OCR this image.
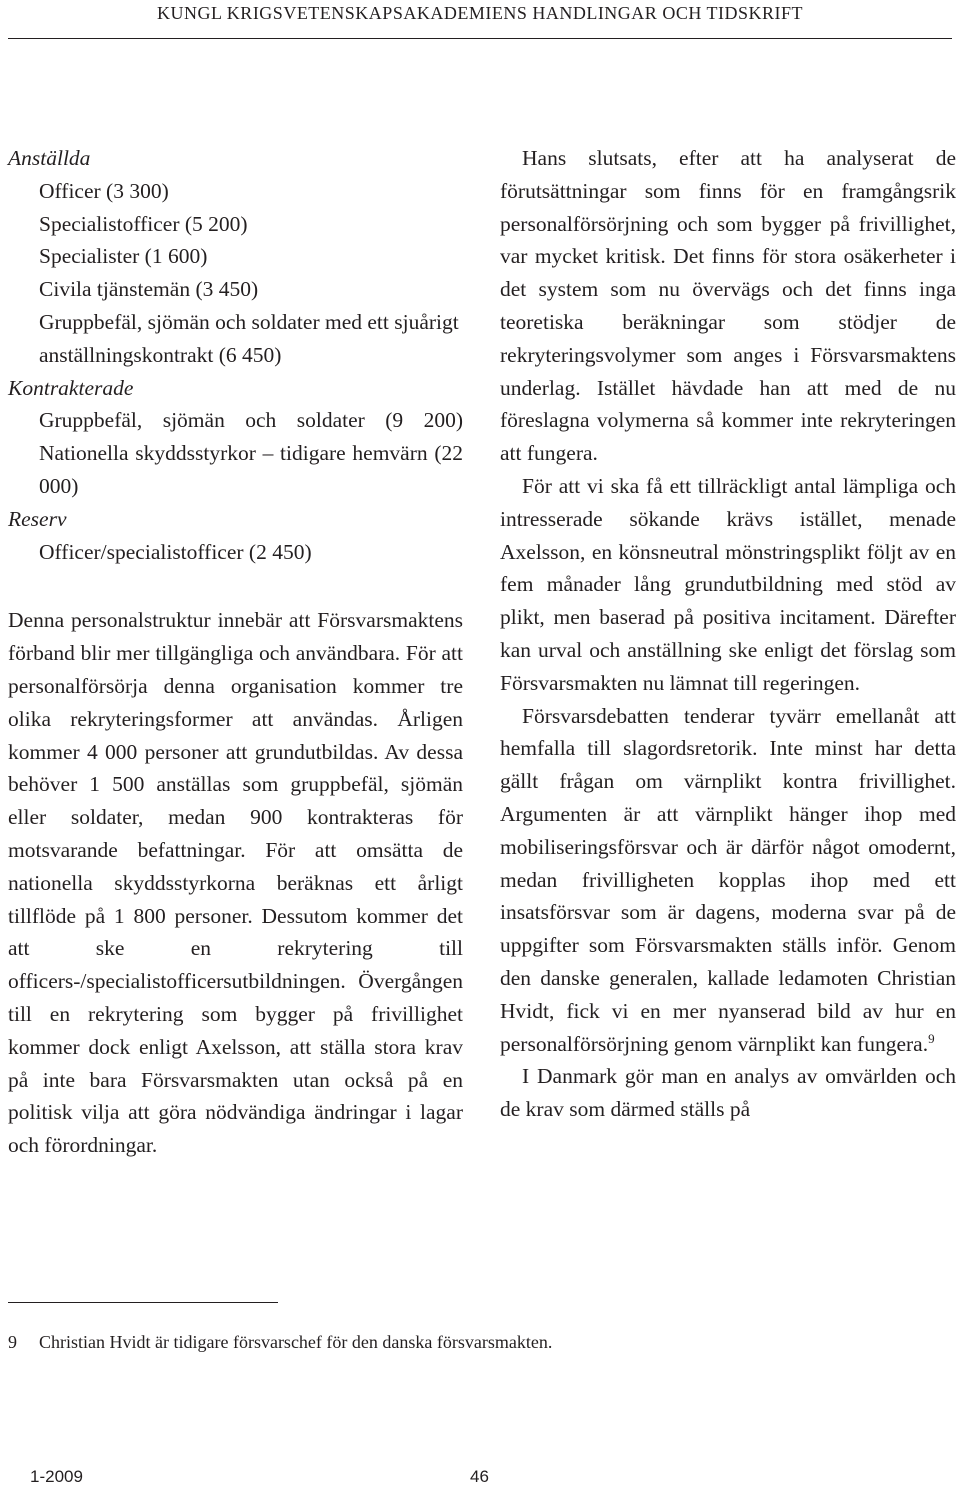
KUNGL KRIGSVETENSKAPSAKADEMIENS HANDLINGAR OCH TIDSKRIFT
Anställda
Officer (3 300)
Specialistofficer (5 200)
Specialister (1 600)
Civila tjänstemän (3 450)
Gruppbefäl, sjömän och soldater med ett sjuårigt anställningskontrakt (6 450)
Kontrakterade
Gruppbefäl, sjömän och soldater (9 200)
Nationella skyddsstyrkor – tidigare hemvärn (22 000)
Reserv
Officer/specialistofficer (2 450)

Denna personalstruktur innebär att Försvarsmaktens förband blir mer tillgängliga och användbara. För att personalförsörja denna organisation kommer tre olika rekryteringsformer att användas. Årligen kommer 4 000 personer att grundutbildas. Av dessa behöver 1 500 anställas som gruppbefäl, sjömän eller soldater, medan 900 kontrakteras för motsvarande befattningar. För att omsätta de nationella skyddsstyrkorna beräknas ett årligt tillflöde på 1 800 personer. Dessutom kommer det att ske en rekrytering till officers-/specialistofficersutbildningen. Övergången till en rekrytering som bygger på frivillighet kommer dock enligt Axelsson, att ställa stora krav på inte bara Försvarsmakten utan också på en politisk vilja att göra nödvändiga ändringar i lagar och förordningar.

Hans slutsats, efter att ha analyserat de förutsättningar som finns för en framgångsrik personalförsörjning och som bygger på frivillighet, var mycket kritisk. Det finns för stora osäkerheter i det system som nu övervägs och det finns inga teoretiska beräkningar som stödjer de rekryteringsvolymer som anges i Försvarsmaktens underlag. Istället hävdade han att med de nu föreslagna volymerna så kommer inte rekryteringen att fungera.

För att vi ska få ett tillräckligt antal lämpliga och intresserade sökande krävs istället, menade Axelsson, en könsneutral mönstringsplikt följt av en fem månader lång grundutbildning med stöd av plikt, men baserad på positiva incitament. Därefter kan urval och anställning ske enligt det förslag som Försvarsmakten nu lämnat till regeringen.

Försvarsdebatten tenderar tyvärr emellanåt att hemfalla till slagordsretorik. Inte minst har detta gällt frågan om värnplikt kontra frivillighet. Argumenten är att värnplikt hänger ihop med mobiliseringsförsvar och är därför något omodernt, medan frivilligheten kopplas ihop med ett insatsförsvar som är dagens, moderna svar på de uppgifter som Försvarsmakten ställs inför. Genom den danske generalen, kallade ledamoten Christian Hvidt, fick vi en mer nyanserad bild av hur en personalförsörjning genom värnplikt kan fungera.$^9$

I Danmark gör man en analys av omvärlden och de krav som därmed ställs på

9 Christian Hvidt är tidigare försvarschef för den danska försvarsmakten.
1-2009	46
